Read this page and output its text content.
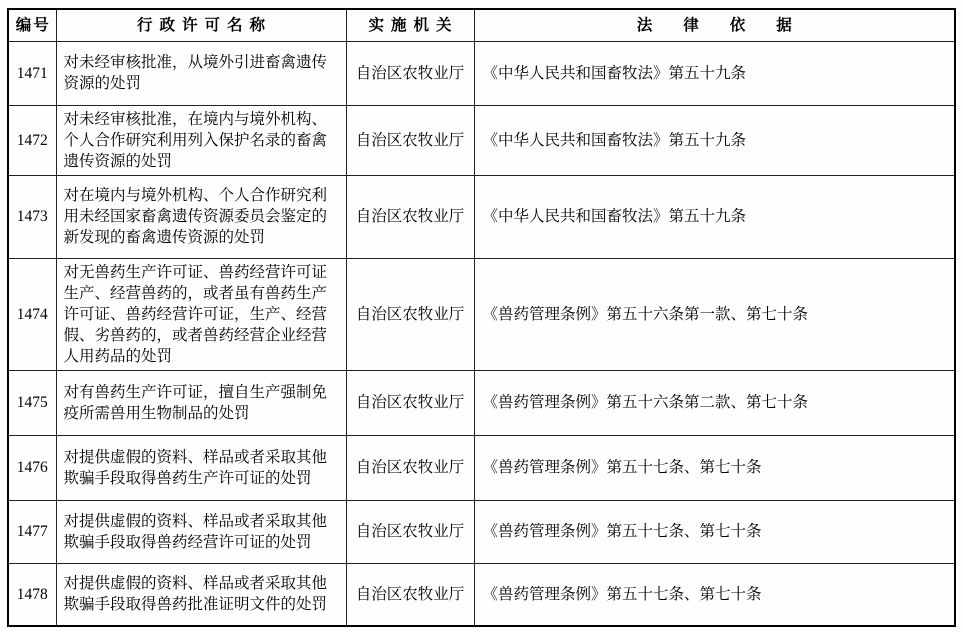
编号	行政许可名称	实施机关	法律依据
1471	对未经审核批准，从境外引进畜禽遗传资源的处罚	自治区农牧业厅	《中华人民共和国畜牧法》第五十九条
1472	对未经审核批准，在境内与境外机构、个人合作研究利用列入保护名录的畜禽遗传资源的处罚	自治区农牧业厅	《中华人民共和国畜牧法》第五十九条
1473	对在境内与境外机构、个人合作研究利用未经国家畜禽遗传资源委员会鉴定的新发现的畜禽遗传资源的处罚	自治区农牧业厅	《中华人民共和国畜牧法》第五十九条
1474	对无兽药生产许可证、兽药经营许可证生产、经营兽药的，或者虽有兽药生产许可证、兽药经营许可证，生产、经营假、劣兽药的，或者兽药经营企业经营人用药品的处罚	自治区农牧业厅	《兽药管理条例》第五十六条第一款、第七十条
1475	对有兽药生产许可证，擅自生产强制免疫所需兽用生物制品的处罚	自治区农牧业厅	《兽药管理条例》第五十六条第二款、第七十条
1476	对提供虚假的资料、样品或者采取其他欺骗手段取得兽药生产许可证的处罚	自治区农牧业厅	《兽药管理条例》第五十七条、第七十条
1477	对提供虚假的资料、样品或者采取其他欺骗手段取得兽药经营许可证的处罚	自治区农牧业厅	《兽药管理条例》第五十七条、第七十条
1478	对提供虚假的资料、样品或者采取其他欺骗手段取得兽药批准证明文件的处罚	自治区农牧业厅	《兽药管理条例》第五十七条、第七十条
